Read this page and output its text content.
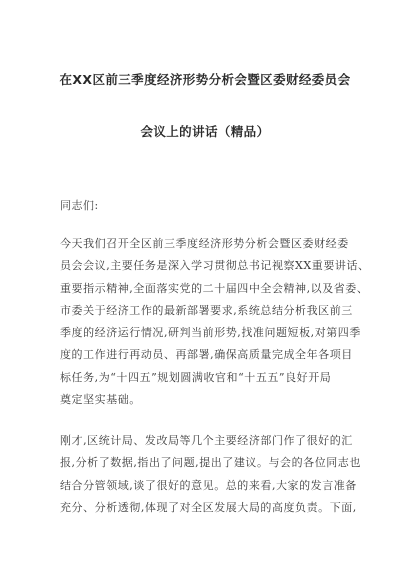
在XX区前三季度经济形势分析会暨区委财经委员会
会议上的讲话（精品）
同志们:
今天我们召开全区前三季度经济形势分析会暨区委财经委
员会会议,主要任务是深入学习贯彻总书记视察XX重要讲话、
重要指示精神,全面落实党的二十届四中全会精神,以及省委、
市委关于经济工作的最新部署要求,系统总结分析我区前三
季度的经济运行情况,研判当前形势,找准问题短板,对第四季
度的工作进行再动员、再部署,确保高质量完成全年各项目
标任务,为“十四五”规划圆满收官和“十五五”良好开局
奠定坚实基础。
刚才,区统计局、发改局等几个主要经济部门作了很好的汇
报,分析了数据,指出了问题,提出了建议。与会的各位同志也
结合分管领域,谈了很好的意见。总的来看,大家的发言准备
充分、分析透彻,体现了对全区发展大局的高度负责。下面,
